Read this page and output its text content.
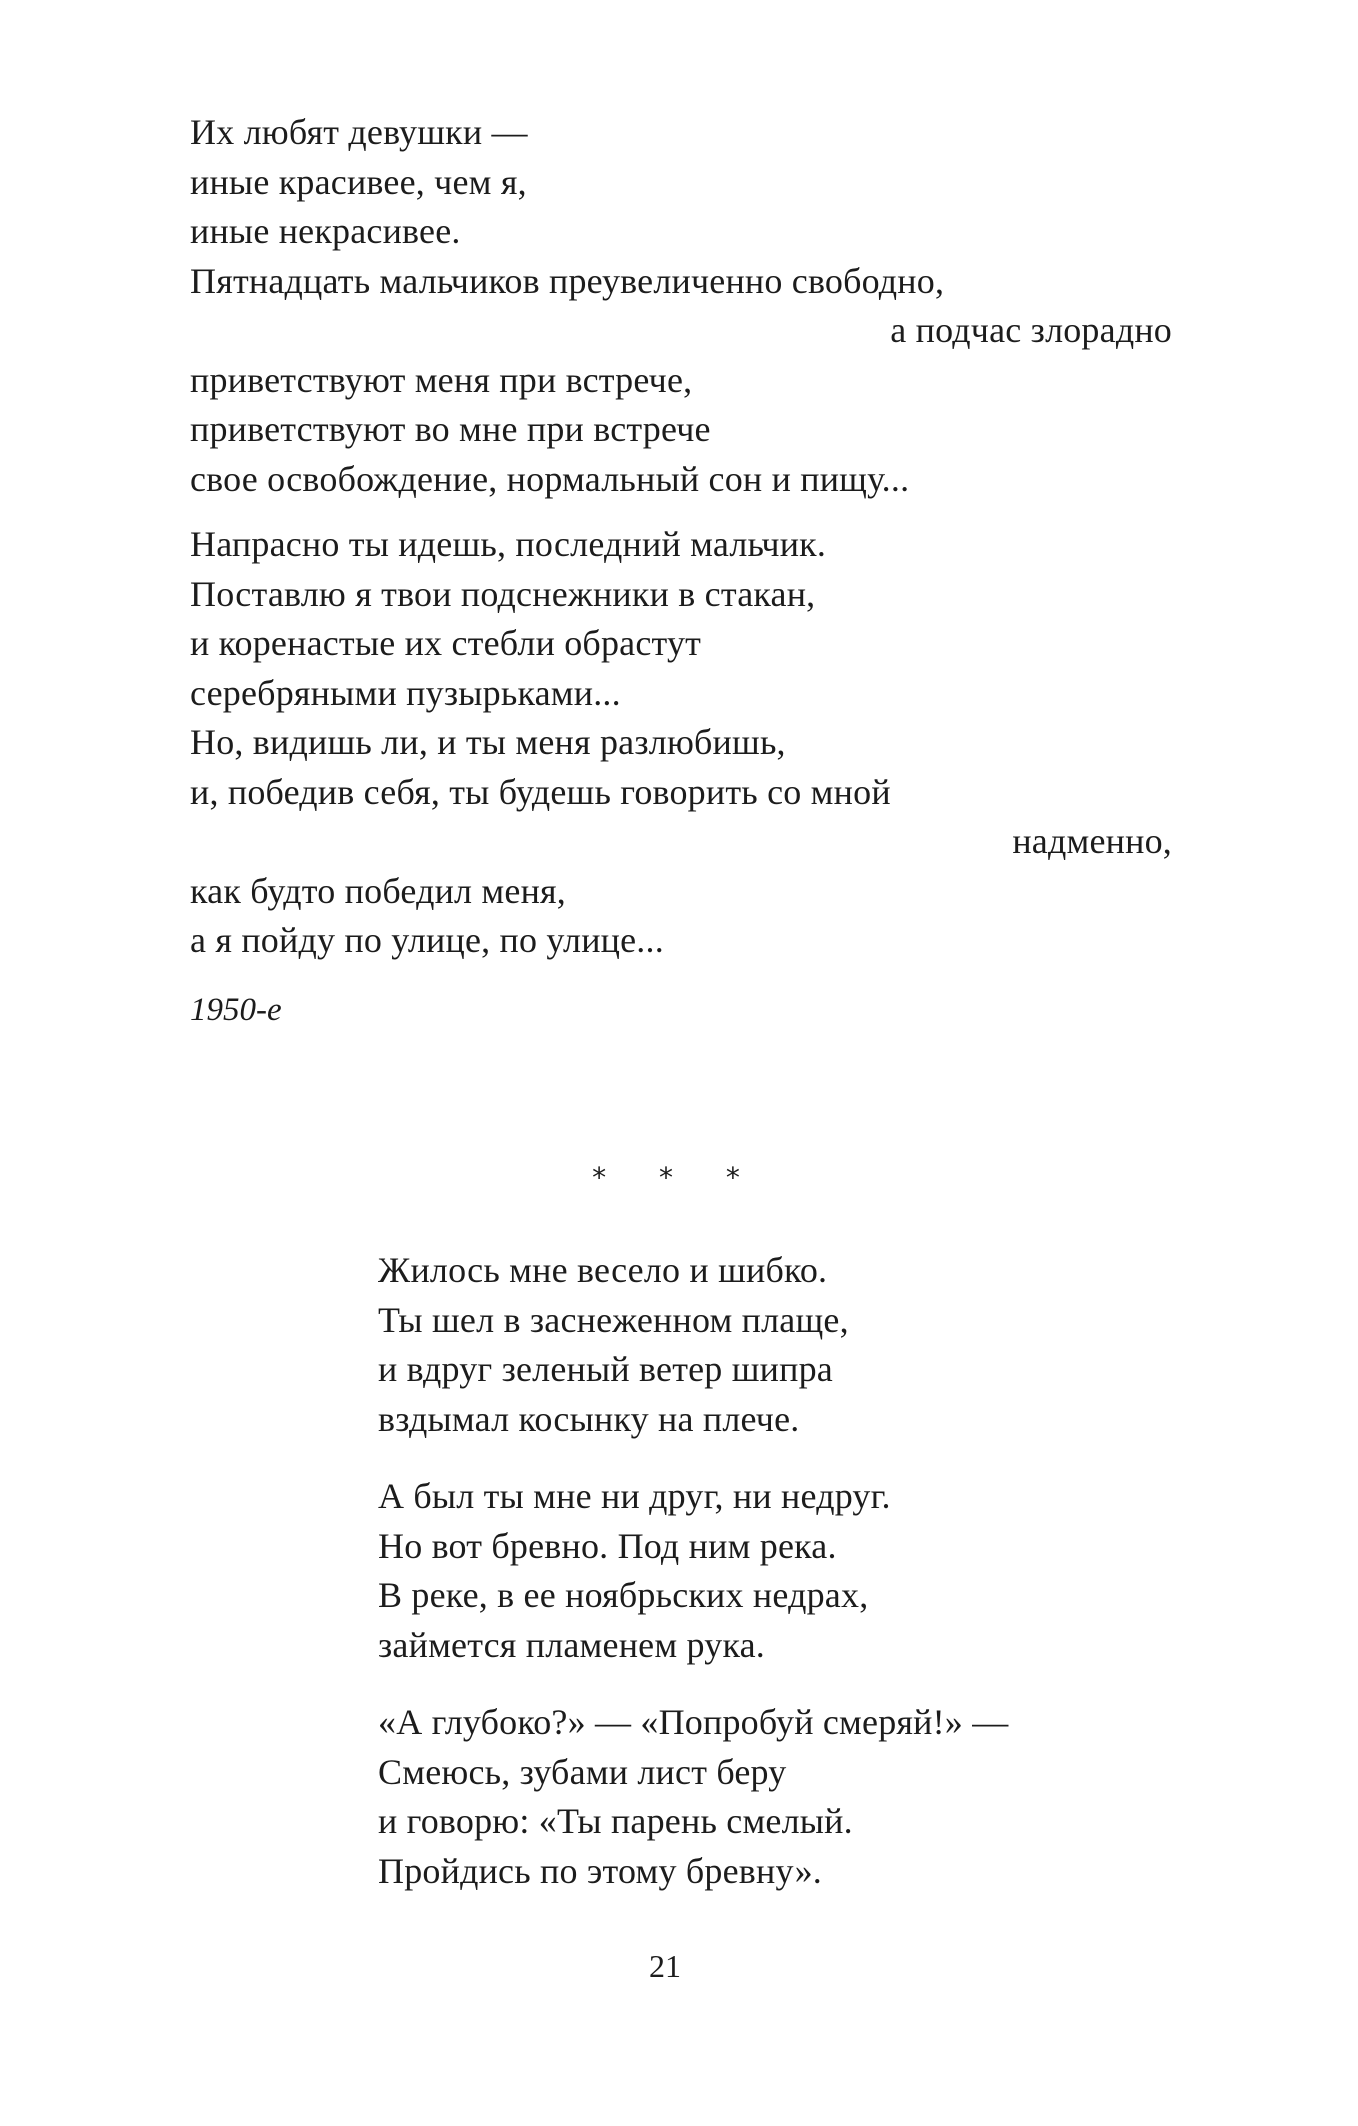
Их любят девушки —
иные красивее, чем я,
иные некрасивее.
Пятнадцать мальчиков преувеличенно свободно,
а подчас злорадно
приветствуют меня при встрече,
приветствуют во мне при встрече
свое освобождение, нормальный сон и пищу...
Напрасно ты идешь, последний мальчик.
Поставлю я твои подснежники в стакан,
и коренастые их стебли обрастут
серебряными пузырьками...
Но, видишь ли, и ты меня разлюбишь,
и, победив себя, ты будешь говорить со мной
надменно,
как будто победил меня,
а я пойду по улице, по улице...
1950-е
* * *
Жилось мне весело и шибко.
Ты шел в заснеженном плаще,
и вдруг зеленый ветер шипра
вздымал косынку на плече.
А был ты мне ни друг, ни недруг.
Но вот бревно. Под ним река.
В реке, в ее ноябрьских недрах,
займется пламенем рука.
«А глубоко?» — «Попробуй смеряй!» —
Смеюсь, зубами лист беру
и говорю: «Ты парень смелый.
Пройдись по этому бревну».
21
